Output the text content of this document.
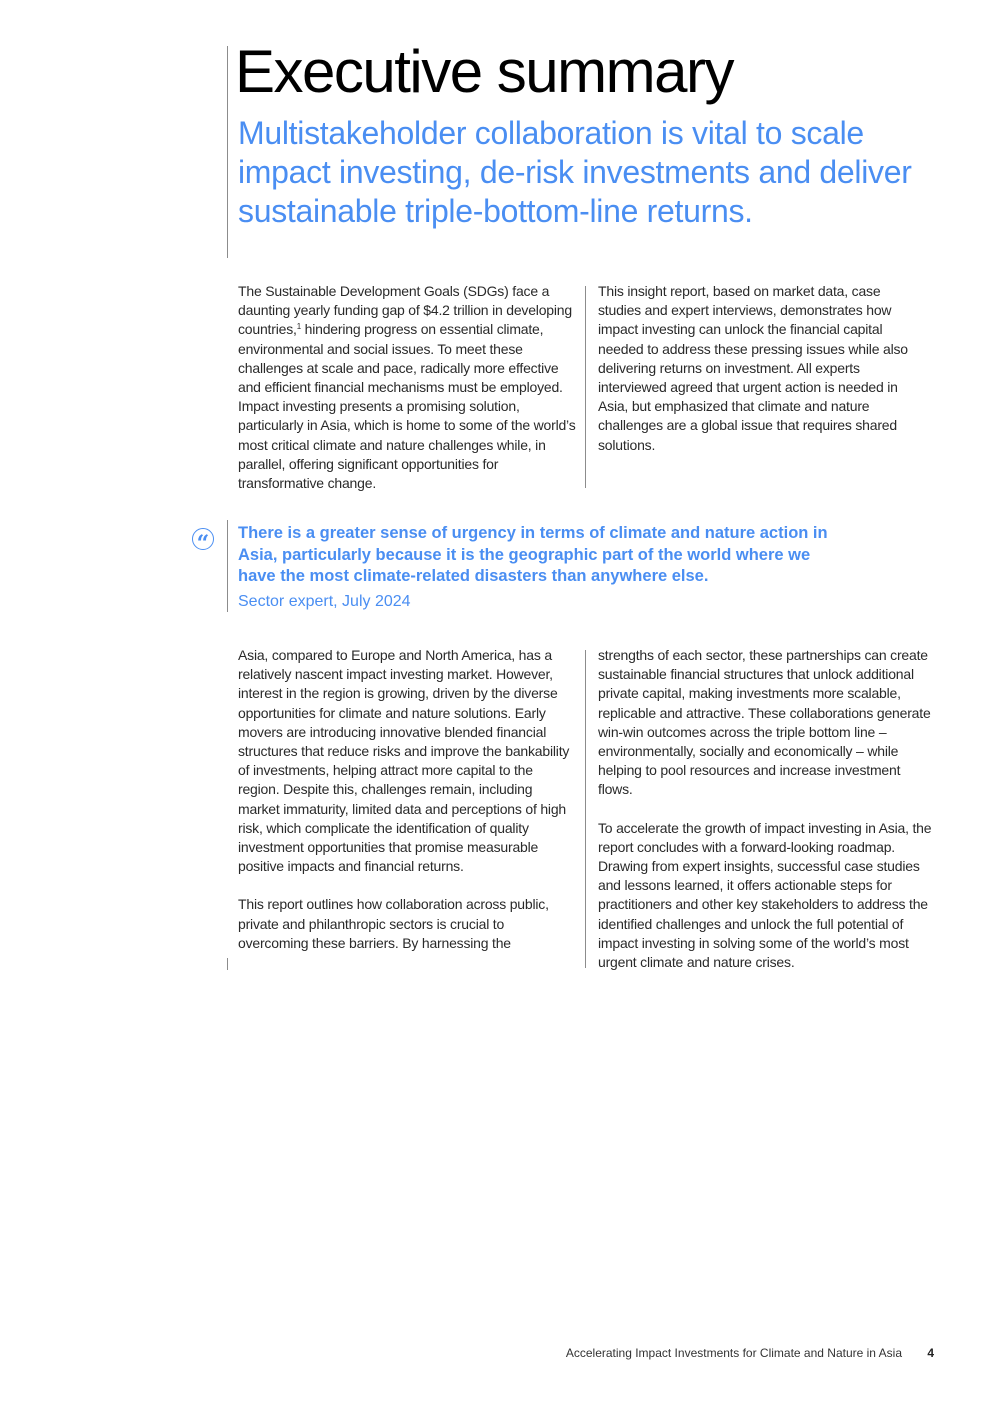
Executive summary
Multistakeholder collaboration is vital to scale impact investing, de-risk investments and deliver sustainable triple-bottom-line returns.

The Sustainable Development Goals (SDGs) face a daunting yearly funding gap of $4.2 trillion in developing countries,$^1$ hindering progress on essential climate, environmental and social issues. To meet these challenges at scale and pace, radically more effective and efficient financial mechanisms must be employed. Impact investing presents a promising solution, particularly in Asia, which is home to some of the world’s most critical climate and nature challenges while, in parallel, offering significant opportunities for transformative change.

This insight report, based on market data, case studies and expert interviews, demonstrates how impact investing can unlock the financial capital needed to address these pressing issues while also delivering returns on investment. All experts interviewed agreed that urgent action is needed in Asia, but emphasized that climate and nature challenges are a global issue that requires shared solutions.

“ There is a greater sense of urgency in terms of climate and nature action in Asia, particularly because it is the geographic part of the world where we have the most climate-related disasters than anywhere else.

Sector expert, July 2024

Asia, compared to Europe and North America, has a relatively nascent impact investing market. However, interest in the region is growing, driven by the diverse opportunities for climate and nature solutions. Early movers are introducing innovative blended financial structures that reduce risks and improve the bankability of investments, helping attract more capital to the region. Despite this, challenges remain, including market immaturity, limited data and perceptions of high risk, which complicate the identification of quality investment opportunities that promise measurable positive impacts and financial returns.

This report outlines how collaboration across public, private and philanthropic sectors is crucial to overcoming these barriers. By harnessing the

strengths of each sector, these partnerships can create sustainable financial structures that unlock additional private capital, making investments more scalable, replicable and attractive. These collaborations generate win-win outcomes across the triple bottom line – environmentally, socially and economically – while helping to pool resources and increase investment flows.

To accelerate the growth of impact investing in Asia, the report concludes with a forward-looking roadmap. Drawing from expert insights, successful case studies and lessons learned, it offers actionable steps for practitioners and other key stakeholders to address the identified challenges and unlock the full potential of impact investing in solving some of the world’s most urgent climate and nature crises.

Accelerating Impact Investments for Climate and Nature in Asia	4
